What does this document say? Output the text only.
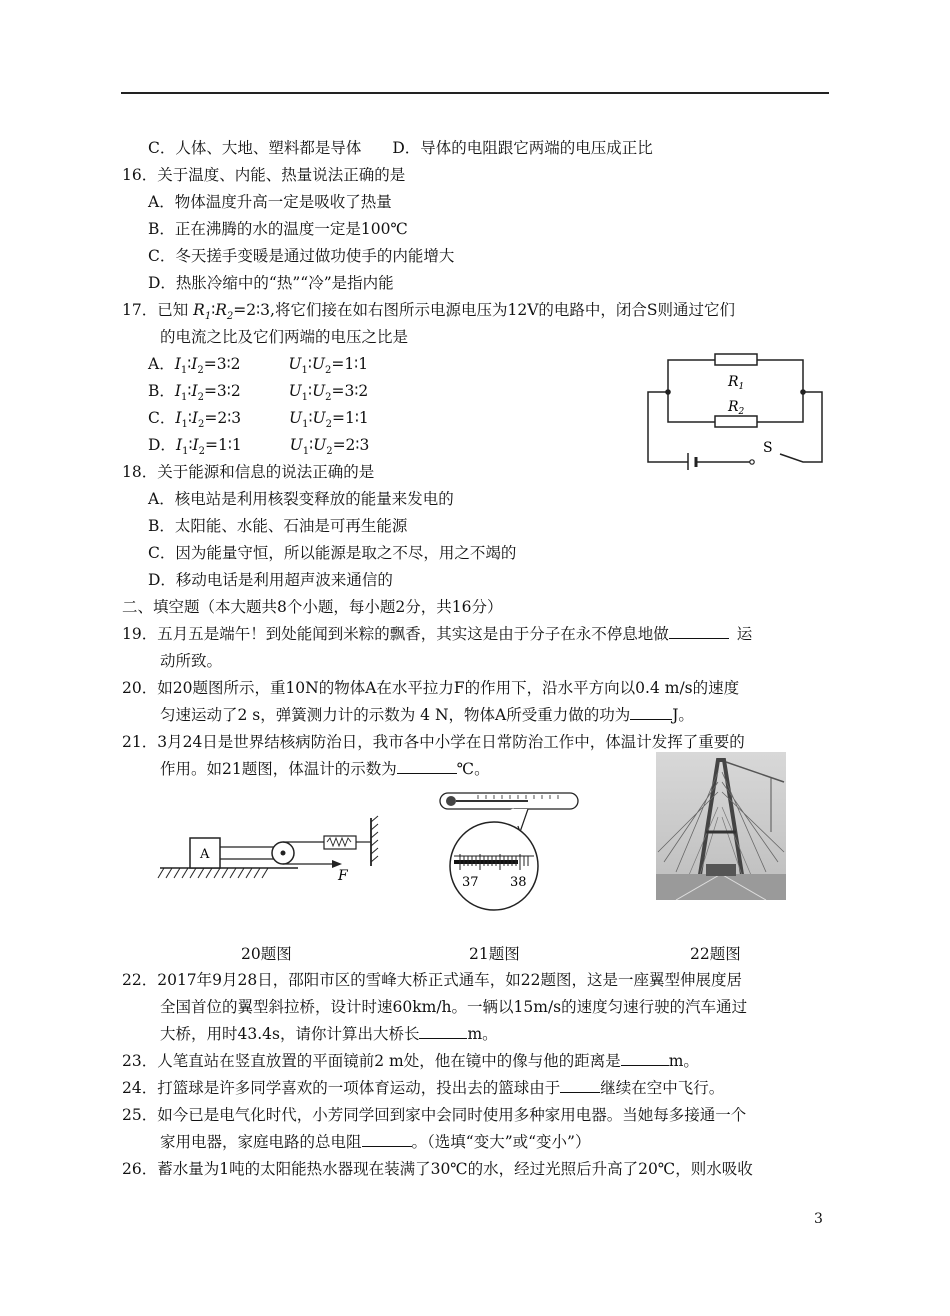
C．人体、大地、塑料都是导体　　D．导体的电阻跟它两端的电压成正比
16．关于温度、内能、热量说法正确的是
A．物体温度升高一定是吸收了热量
B．正在沸腾的水的温度一定是100℃
C．冬天搓手变暖是通过做功使手的内能增大
D．热胀冷缩中的“热”“冷”是指内能
17．已知 $R_1∶R_2=2∶3$,将它们接在如右图所示电源电压为12V的电路中，闭合S则通过它们
的电流之比及它们两端的电压之比是
A．$I_1∶I_2=3∶2$	$U_1∶U_2=1∶1$
B．$I_1∶I_2=3∶2$	$U_1∶U_2=3∶2$
C．$I_1∶I_2=2∶3$	$U_1∶U_2=1∶1$
D．$I_1∶I_2=1∶1$	$U_1∶U_2=2∶3$
$R_1$
$R_2$
S
18．关于能源和信息的说法正确的是
A．核电站是利用核裂变释放的能量来发电的
B．太阳能、水能、石油是可再生能源
C．因为能量守恒，所以能源是取之不尽，用之不竭的
D．移动电话是利用超声波来通信的
二、填空题（本大题共8个小题，每小题2分，共16分）
19．五月五是端午！到处能闻到米粽的飘香，其实这是由于分子在永不停息地做	运
动所致。
20．如20题图所示，重10N的物体A在水平拉力F的作用下，沿水平方向以0.4 m/s的速度
匀速运动了2 s，弹簧测力计的示数为 4 N，物体A所受重力做的功为	J。
21．3月24日是世界结核病防治日，我市各中小学在日常防治工作中，体温计发挥了重要的
作用。如21题图，体温计的示数为	℃。
A
F	37 38
20题图	21题图	22题图
22．2017年9月28日，邵阳市区的雪峰大桥正式通车，如22题图，这是一座翼型伸展度居
全国首位的翼型斜拉桥，设计时速60km/h。一辆以15m/s的速度匀速行驶的汽车通过
大桥，用时43.4s，请你计算出大桥长	m。
23．人笔直站在竖直放置的平面镜前2 m处，他在镜中的像与他的距离是	m。
24．打篮球是许多同学喜欢的一项体育运动，投出去的篮球由于	继续在空中飞行。
25．如今已是电气化时代，小芳同学回到家中会同时使用多种家用电器。当她每多接通一个
家用电器，家庭电路的总电阻	。（选填“变大”或“变小”）
26．蓄水量为1吨的太阳能热水器现在装满了30℃的水，经过光照后升高了20℃，则水吸收
3
